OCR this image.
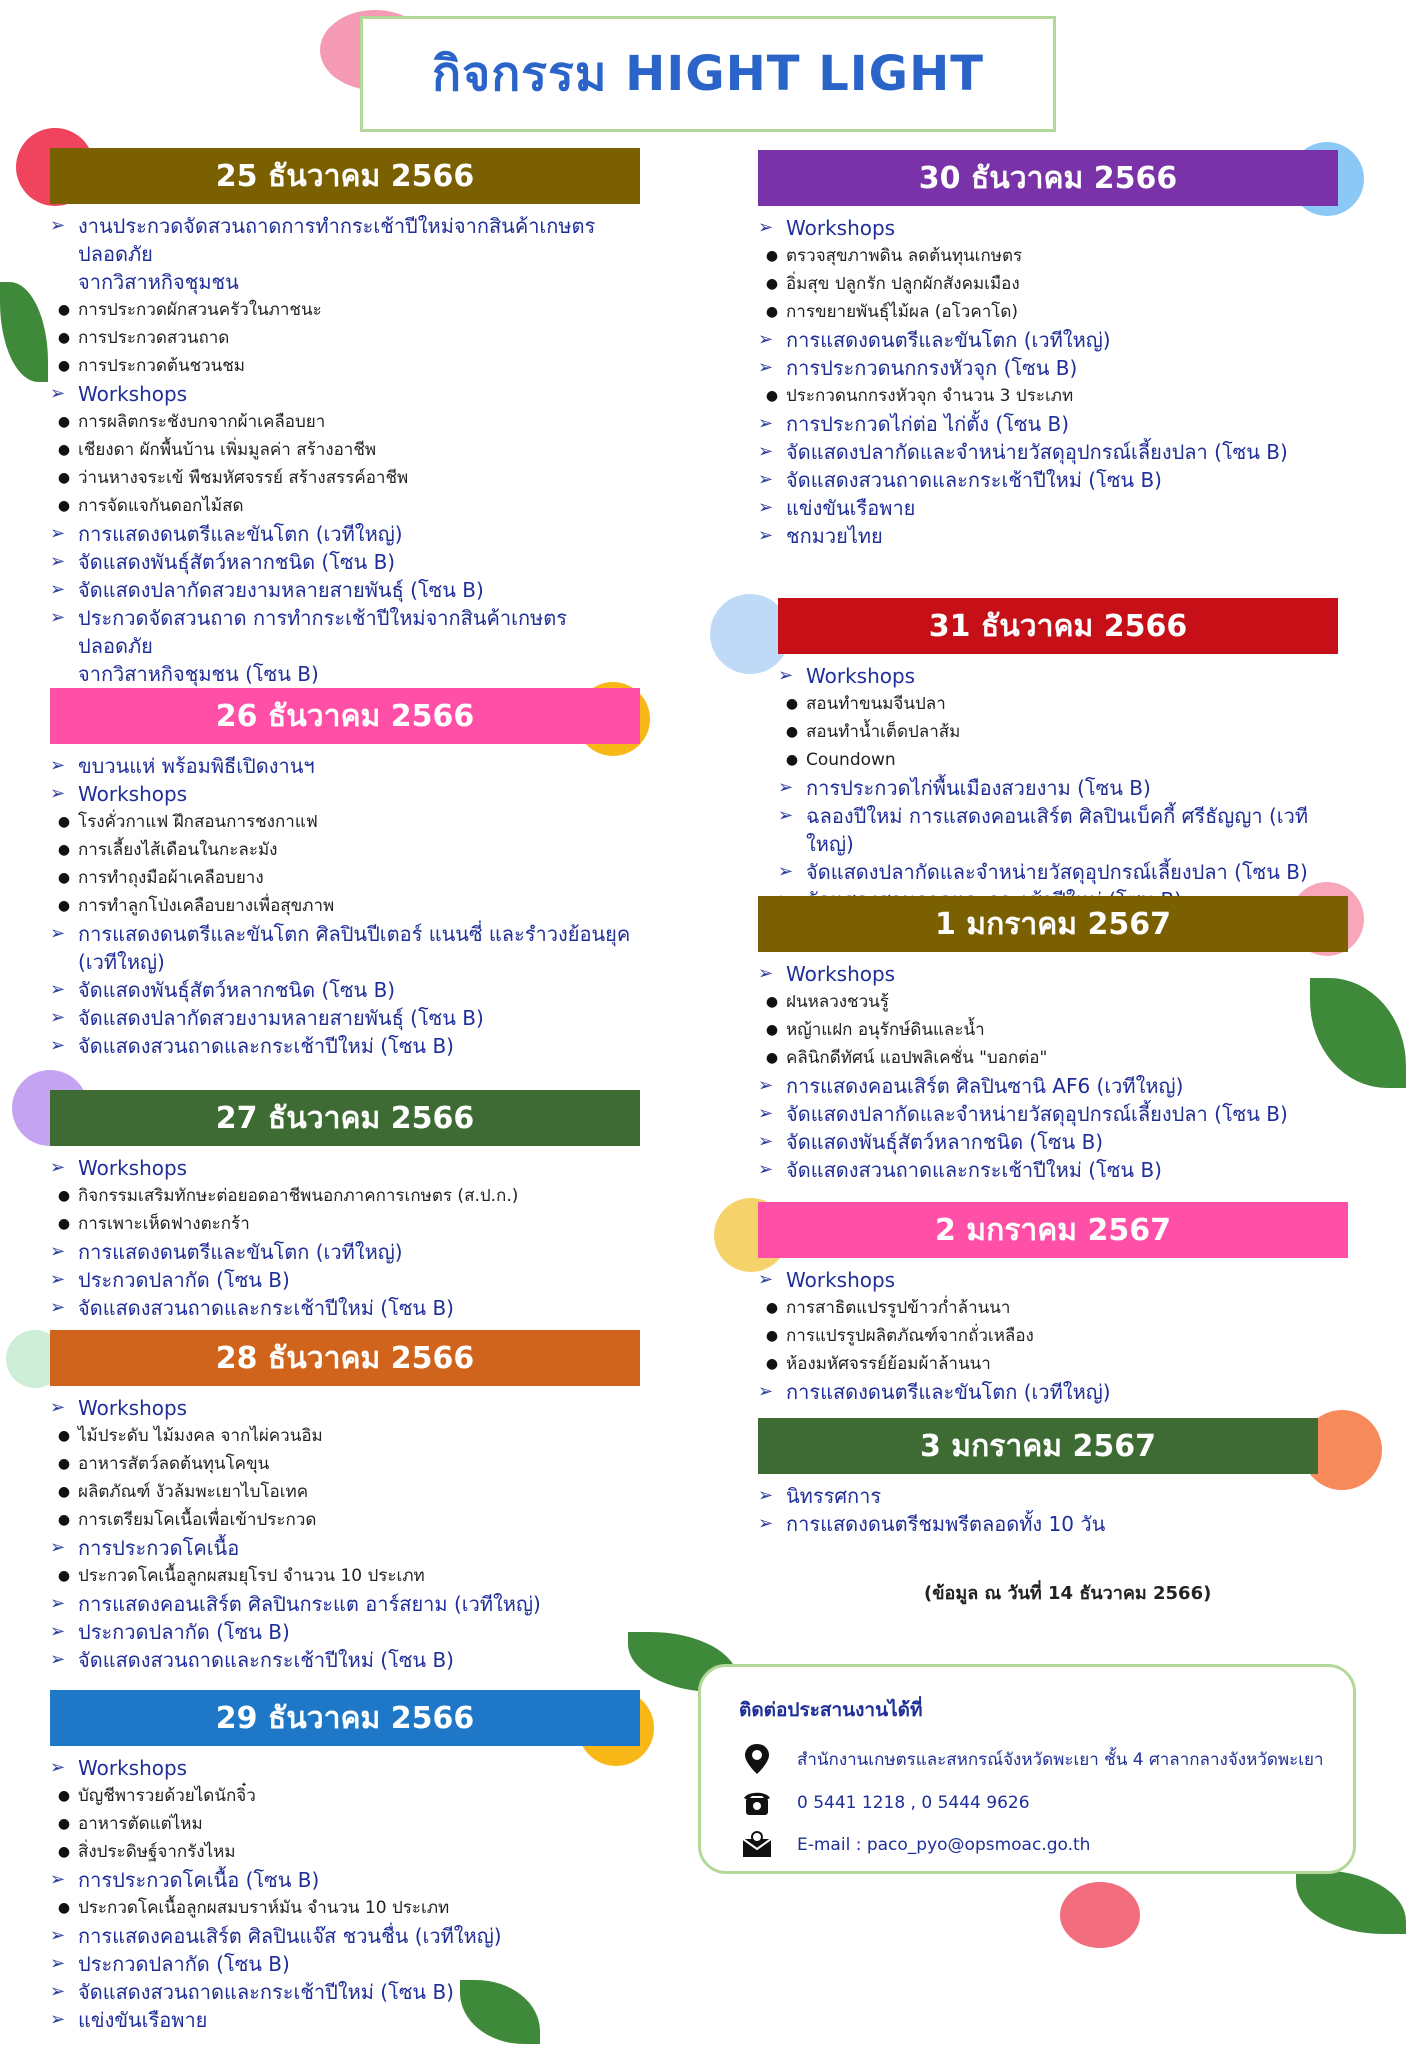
กิจกรรม HIGHT LIGHT
25 ธันวาคม 2566
➢ งานประกวดจัดสวนถาดการทำกระเช้าปีใหม่จากสินค้าเกษตรปลอดภัย
จากวิสาหกิจชุมชน
● การประกวดผักสวนครัวในภาชนะ
● การประกวดสวนถาด
● การประกวดต้นชวนชม
➢ Workshops
● การผลิตกระชังบกจากผ้าเคลือบยา
● เชียงดา ผักพื้นบ้าน เพิ่มมูลค่า สร้างอาชีพ
● ว่านหางจระเข้ พืชมหัศจรรย์ สร้างสรรค์อาชีพ
● การจัดแจกันดอกไม้สด
➢ การแสดงดนตรีและขันโตก (เวทีใหญ่)
➢ จัดแสดงพันธุ์สัตว์หลากชนิด (โซน B)
➢ จัดแสดงปลากัดสวยงามหลายสายพันธุ์ (โซน B)
➢ ประกวดจัดสวนถาด การทำกระเช้าปีใหม่จากสินค้าเกษตรปลอดภัย
จากวิสาหกิจชุมชน (โซน B)
26 ธันวาคม 2566
➢ ขบวนแห่ พร้อมพิธีเปิดงานฯ
➢ Workshops
● โรงคั่วกาแฟ ฝึกสอนการชงกาแฟ
● การเลี้ยงไส้เดือนในกะละมัง
● การทำถุงมือผ้าเคลือบยาง
● การทำลูกโป่งเคลือบยางเพื่อสุขภาพ
➢ การแสดงดนตรีและขันโตก ศิลปินปีเตอร์ แนนซี่ และรำวงย้อนยุค
(เวทีใหญ่)
➢ จัดแสดงพันธุ์สัตว์หลากชนิด (โซน B)
➢ จัดแสดงปลากัดสวยงามหลายสายพันธุ์ (โซน B)
➢ จัดแสดงสวนถาดและกระเช้าปีใหม่ (โซน B)
27 ธันวาคม 2566
➢ Workshops
● กิจกรรมเสริมทักษะต่อยอดอาชีพนอกภาคการเกษตร (ส.ป.ก.)
● การเพาะเห็ดฟางตะกร้า
➢ การแสดงดนตรีและขันโตก (เวทีใหญ่)
➢ ประกวดปลากัด (โซน B)
➢ จัดแสดงสวนถาดและกระเช้าปีใหม่ (โซน B)
28 ธันวาคม 2566
➢ Workshops
● ไม้ประดับ ไม้มงคล จากไผ่ควนอิม
● อาหารสัตว์ลดต้นทุนโคขุน
● ผลิตภัณฑ์ งัวล้มพะเยาไบโอเทค
● การเตรียมโคเนื้อเพื่อเข้าประกวด
➢ การประกวดโคเนื้อ
● ประกวดโคเนื้อลูกผสมยุโรป จำนวน 10 ประเภท
➢ การแสดงคอนเสิร์ต ศิลปินกระแต อาร์สยาม (เวทีใหญ่)
➢ ประกวดปลากัด (โซน B)
➢ จัดแสดงสวนถาดและกระเช้าปีใหม่ (โซน B)
29 ธันวาคม 2566
➢ Workshops
● บัญชีพารวยด้วยไดนักจิ๋ว
● อาหารตัดแต่ไหม
● สิ่งประดิษฐ์จากรังไหม
➢ การประกวดโคเนื้อ (โซน B)
● ประกวดโคเนื้อลูกผสมบราห์มัน จำนวน 10 ประเภท
➢ การแสดงคอนเสิร์ต ศิลปินแจ๊ส ชวนชื่น (เวทีใหญ่)
➢ ประกวดปลากัด (โซน B)
➢ จัดแสดงสวนถาดและกระเช้าปีใหม่ (โซน B)
➢ แข่งขันเรือพาย
30 ธันวาคม 2566
➢ Workshops
● ตรวจสุขภาพดิน ลดต้นทุนเกษตร
● อิ่มสุข ปลูกรัก ปลูกผักสังคมเมือง
● การขยายพันธุ์ไม้ผล (อโวคาโด)
➢ การแสดงดนตรีและขันโตก (เวทีใหญ่)
➢ การประกวดนกกรงหัวจุก (โซน B)
● ประกวดนกกรงหัวจุก จำนวน 3 ประเภท
➢ การประกวดไก่ต่อ ไก่ตั้ง (โซน B)
➢ จัดแสดงปลากัดและจำหน่ายวัสดุอุปกรณ์เลี้ยงปลา (โซน B)
➢ จัดแสดงสวนถาดและกระเช้าปีใหม่ (โซน B)
➢ แข่งขันเรือพาย
➢ ชกมวยไทย
31 ธันวาคม 2566
➢ Workshops
● สอนทำขนมจีนปลา
● สอนทำน้ำเต็ดปลาส้ม
● Coundown
➢ การประกวดไก่พื้นเมืองสวยงาม (โซน B)
➢ ฉลองปีใหม่ การแสดงคอนเสิร์ต ศิลปินเบ็คกี้ ศรีธัญญา (เวทีใหญ่)
➢ จัดแสดงปลากัดและจำหน่ายวัสดุอุปกรณ์เลี้ยงปลา (โซน B)
1 มกราคม 2567
➢ Workshops
● ฝนหลวงชวนรู้
● หญ้าแฝก อนุรักษ์ดินและน้ำ
● คลินิกดีทัศน์ แอปพลิเคชั่น "บอกต่อ"
➢ การแสดงคอนเสิร์ต ศิลปินซานิ AF6 (เวทีใหญ่)
➢ จัดแสดงปลากัดและจำหน่ายวัสดุอุปกรณ์เลี้ยงปลา (โซน B)
➢ จัดแสดงพันธุ์สัตว์หลากชนิด (โซน B)
➢ จัดแสดงสวนถาดและกระเช้าปีใหม่ (โซน B)
2 มกราคม 2567
➢ Workshops
● การสาธิตแปรรูปข้าวก่ำล้านนา
● การแปรรูปผลิตภัณฑ์จากถั่วเหลือง
● ห้องมหัศจรรย์ย้อมผ้าล้านนา
➢ การแสดงดนตรีและขันโตก (เวทีใหญ่)
3 มกราคม 2567
➢ นิทรรศการ
➢ การแสดงดนตรีชมพรีตลอดทั้ง 10 วัน
(ข้อมูล ณ วันที่ 14 ธันวาคม 2566)
ติดต่อประสานงานได้ที่
สำนักงานเกษตรและสหกรณ์จังหวัดพะเยา ชั้น 4 ศาลากลางจังหวัดพะเยา
0 5441 1218 , 0 5444 9626
E-mail : paco_pyo@opsmoac.go.th
